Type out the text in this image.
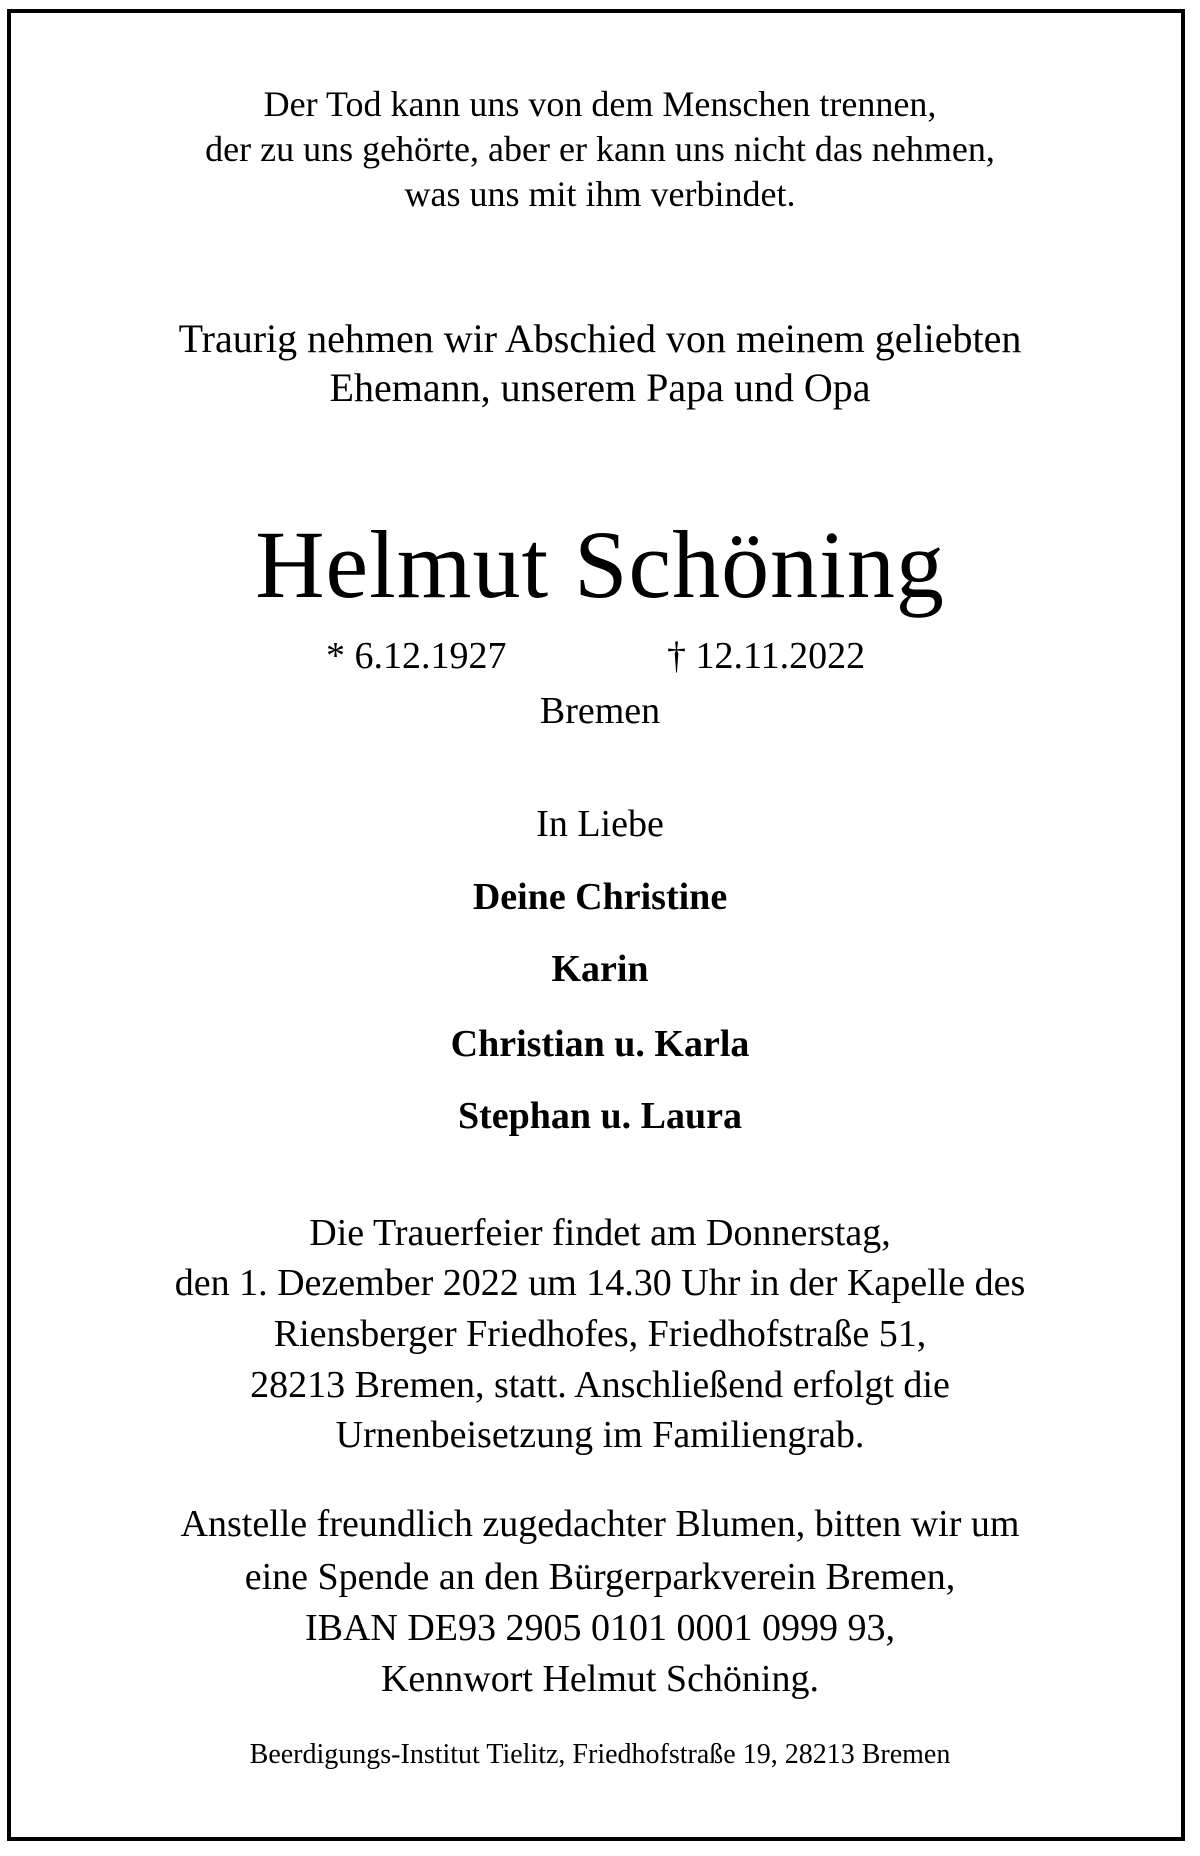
Der Tod kann uns von dem Menschen trennen,
der zu uns gehörte, aber er kann uns nicht das nehmen,
was uns mit ihm verbindet.
Traurig nehmen wir Abschied von meinem geliebten
Ehemann, unserem Papa und Opa
Helmut Schöning
* 6.12.1927	† 12.11.2022
Bremen
In Liebe
Deine Christine
Karin
Christian u. Karla
Stephan u. Laura
Die Trauerfeier findet am Donnerstag,
den 1. Dezember 2022 um 14.30 Uhr in der Kapelle des
Riensberger Friedhofes, Friedhofstraße 51,
28213 Bremen, statt. Anschließend erfolgt die
Urnenbeisetzung im Familiengrab.
Anstelle freundlich zugedachter Blumen, bitten wir um
eine Spende an den Bürgerparkverein Bremen,
IBAN DE93 2905 0101 0001 0999 93,
Kennwort Helmut Schöning.
Beerdigungs-Institut Tielitz, Friedhofstraße 19, 28213 Bremen
